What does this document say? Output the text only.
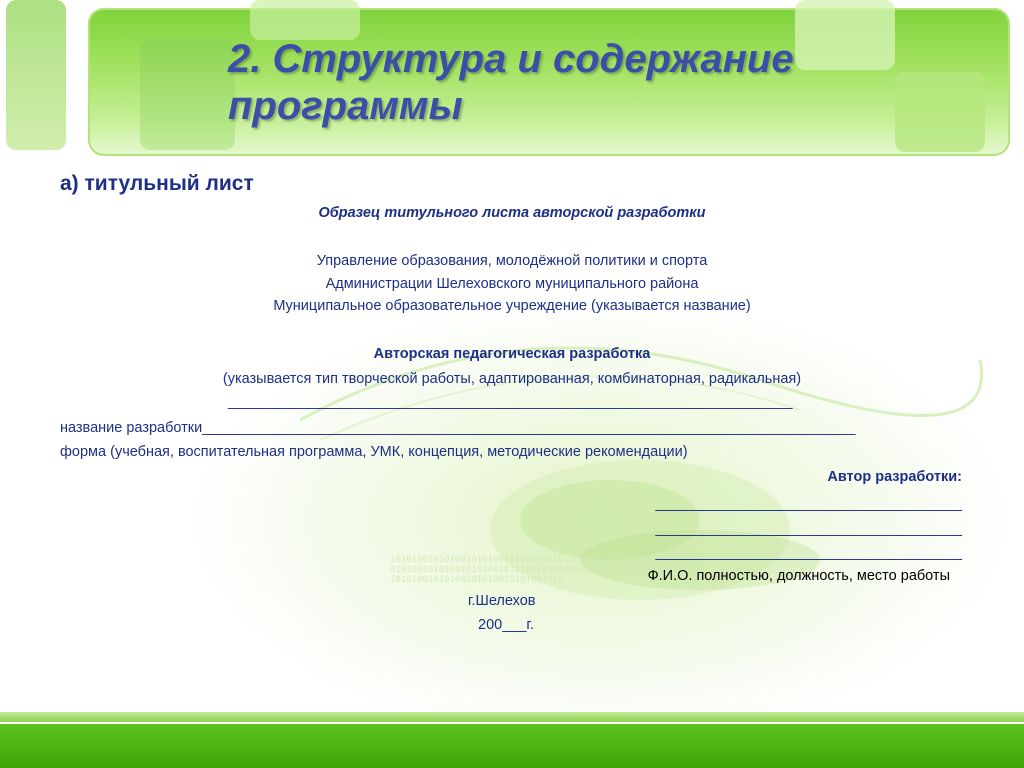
1010100101010010101001010100101010010101001010101001010100101010
0101001010100101010010101001010101001010100101010010101001
10101001010100101010010101001010
2. Структура и содержание
программы
а) титульный лист
Образец титульного листа авторской разработки
Управление образования, молодёжной политики и спорта
Администрации Шелеховского муниципального района
Муниципальное образовательное учреждение (указывается название)
Авторская педагогическая разработка
(указывается тип творческой работы, адаптированная, комбинаторная, радикальная)
______________________________________________________________________
название разработки_________________________________________________________________________________
форма (учебная, воспитательная программа, УМК, концепция, методические рекомендации)
Автор разработки:
______________________________________
______________________________________
______________________________________
Ф.И.О. полностью, должность, место работы
г.Шелехов
200___г.
